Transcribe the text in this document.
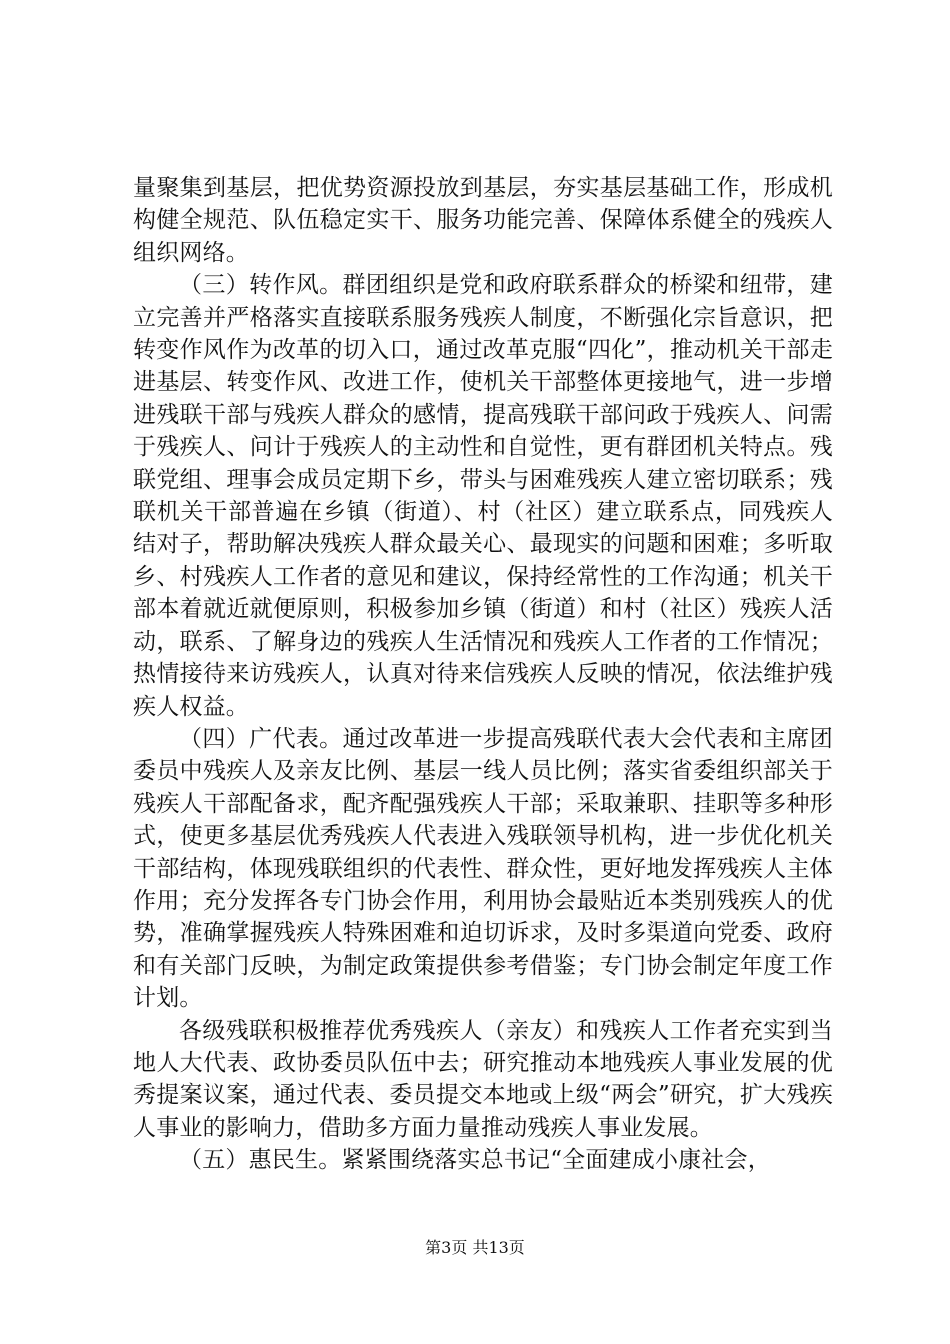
量聚集到基层，把优势资源投放到基层，夯实基层基础工作，形成机构健全规范、队伍稳定实干、服务功能完善、保障体系健全的残疾人组织网络。

（三）转作风。群团组织是党和政府联系群众的桥梁和纽带，建立完善并严格落实直接联系服务残疾人制度，不断强化宗旨意识，把转变作风作为改革的切入口，通过改革克服“四化”，推动机关干部走进基层、转变作风、改进工作，使机关干部整体更接地气，进一步增进残联干部与残疾人群众的感情，提高残联干部问政于残疾人、问需于残疾人、问计于残疾人的主动性和自觉性，更有群团机关特点。残联党组、理事会成员定期下乡，带头与困难残疾人建立密切联系；残联机关干部普遍在乡镇（街道）、村（社区）建立联系点，同残疾人结对子，帮助解决残疾人群众最关心、最现实的问题和困难；多听取乡、村残疾人工作者的意见和建议，保持经常性的工作沟通；机关干部本着就近就便原则，积极参加乡镇（街道）和村（社区）残疾人活动，联系、了解身边的残疾人生活情况和残疾人工作者的工作情况；热情接待来访残疾人，认真对待来信残疾人反映的情况，依法维护残疾人权益。

（四）广代表。通过改革进一步提高残联代表大会代表和主席团委员中残疾人及亲友比例、基层一线人员比例；落实省委组织部关于残疾人干部配备求，配齐配强残疾人干部；采取兼职、挂职等多种形式，使更多基层优秀残疾人代表进入残联领导机构，进一步优化机关干部结构，体现残联组织的代表性、群众性，更好地发挥残疾人主体作用；充分发挥各专门协会作用，利用协会最贴近本类别残疾人的优势，准确掌握残疾人特殊困难和迫切诉求，及时多渠道向党委、政府和有关部门反映，为制定政策提供参考借鉴；专门协会制定年度工作计划。

各级残联积极推荐优秀残疾人（亲友）和残疾人工作者充实到当地人大代表、政协委员队伍中去；研究推动本地残疾人事业发展的优秀提案议案，通过代表、委员提交本地或上级“两会”研究，扩大残疾人事业的影响力，借助多方面力量推动残疾人事业发展。

（五）惠民生。紧紧围绕落实总书记“全面建成小康社会，

第3页 共13页
